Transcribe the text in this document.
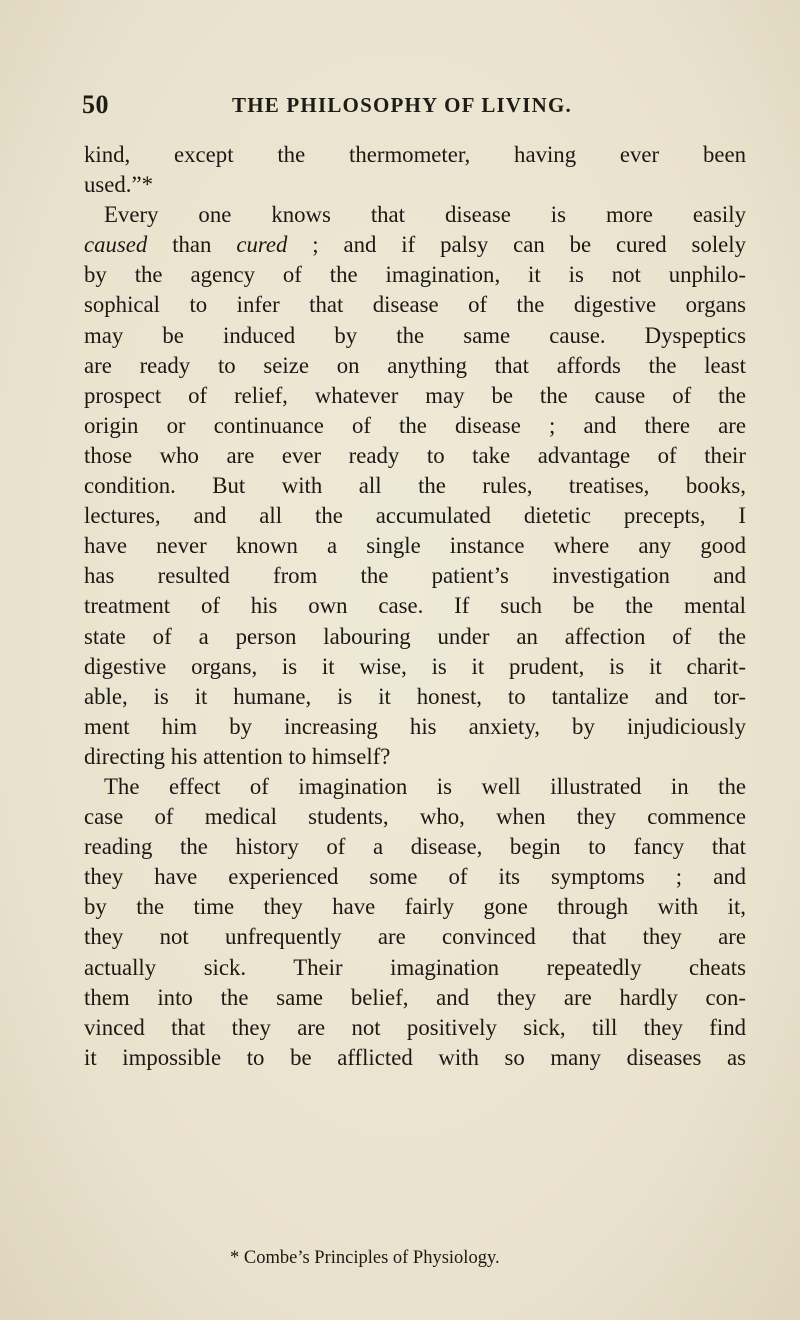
50	THE PHILOSOPHY OF LIVING.
kind, except the thermometer, having ever been
used.”*
Every one knows that disease is more easily
caused than cured ; and if palsy can be cured solely
by the agency of the imagination, it is not unphilo-
sophical to infer that disease of the digestive organs
may be induced by the same cause. Dyspeptics
are ready to seize on anything that affords the least
prospect of relief, whatever may be the cause of the
origin or continuance of the disease ; and there are
those who are ever ready to take advantage of their
condition. But with all the rules, treatises, books,
lectures, and all the accumulated dietetic precepts, I
have never known a single instance where any good
has resulted from the patient’s investigation and
treatment of his own case. If such be the mental
state of a person labouring under an affection of the
digestive organs, is it wise, is it prudent, is it charit-
able, is it humane, is it honest, to tantalize and tor-
ment him by increasing his anxiety, by injudiciously
directing his attention to himself?
The effect of imagination is well illustrated in the
case of medical students, who, when they commence
reading the history of a disease, begin to fancy that
they have experienced some of its symptoms ; and
by the time they have fairly gone through with it,
they not unfrequently are convinced that they are
actually sick. Their imagination repeatedly cheats
them into the same belief, and they are hardly con-
vinced that they are not positively sick, till they find
it impossible to be afflicted with so many diseases as
* Combe’s Principles of Physiology.
